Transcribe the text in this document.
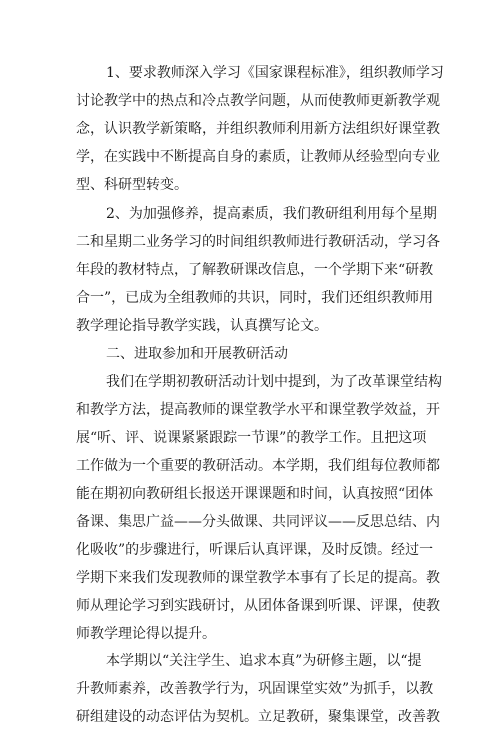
1、要求教师深入学习《国家课程标准》，组织教师学习
讨论教学中的热点和冷点教学问题，从而使教师更新教学观
念，认识教学新策略，并组织教师利用新方法组织好课堂教
学，在实践中不断提高自身的素质，让教师从经验型向专业
型、科研型转变。
2、为加强修养，提高素质，我们教研组利用每个星期
二和星期二业务学习的时间组织教师进行教研活动，学习各
年段的教材特点，了解教研课改信息，一个学期下来“研教
合一”，已成为全组教师的共识，同时，我们还组织教师用
教学理论指导教学实践，认真撰写论文。
二、进取参加和开展教研活动
我们在学期初教研活动计划中提到，为了改革课堂结构
和教学方法，提高教师的课堂教学水平和课堂教学效益，开
展“听、评、说课紧紧跟踪一节课”的教学工作。且把这项
工作做为一个重要的教研活动。本学期，我们组每位教师都
能在期初向教研组长报送开课课题和时间，认真按照“团体
备课、集思广益——分头做课、共同评议——反思总结、内
化吸收”的步骤进行，听课后认真评课，及时反馈。经过一
学期下来我们发现教师的课堂教学本事有了长足的提高。教
师从理论学习到实践研讨，从团体备课到听课、评课，使教
师教学理论得以提升。
本学期以“关注学生、追求本真”为研修主题，以“提
升教师素养，改善教学行为，巩固课堂实效”为抓手，以教
研组建设的动态评估为契机。立足教研，聚集课堂，改善教
